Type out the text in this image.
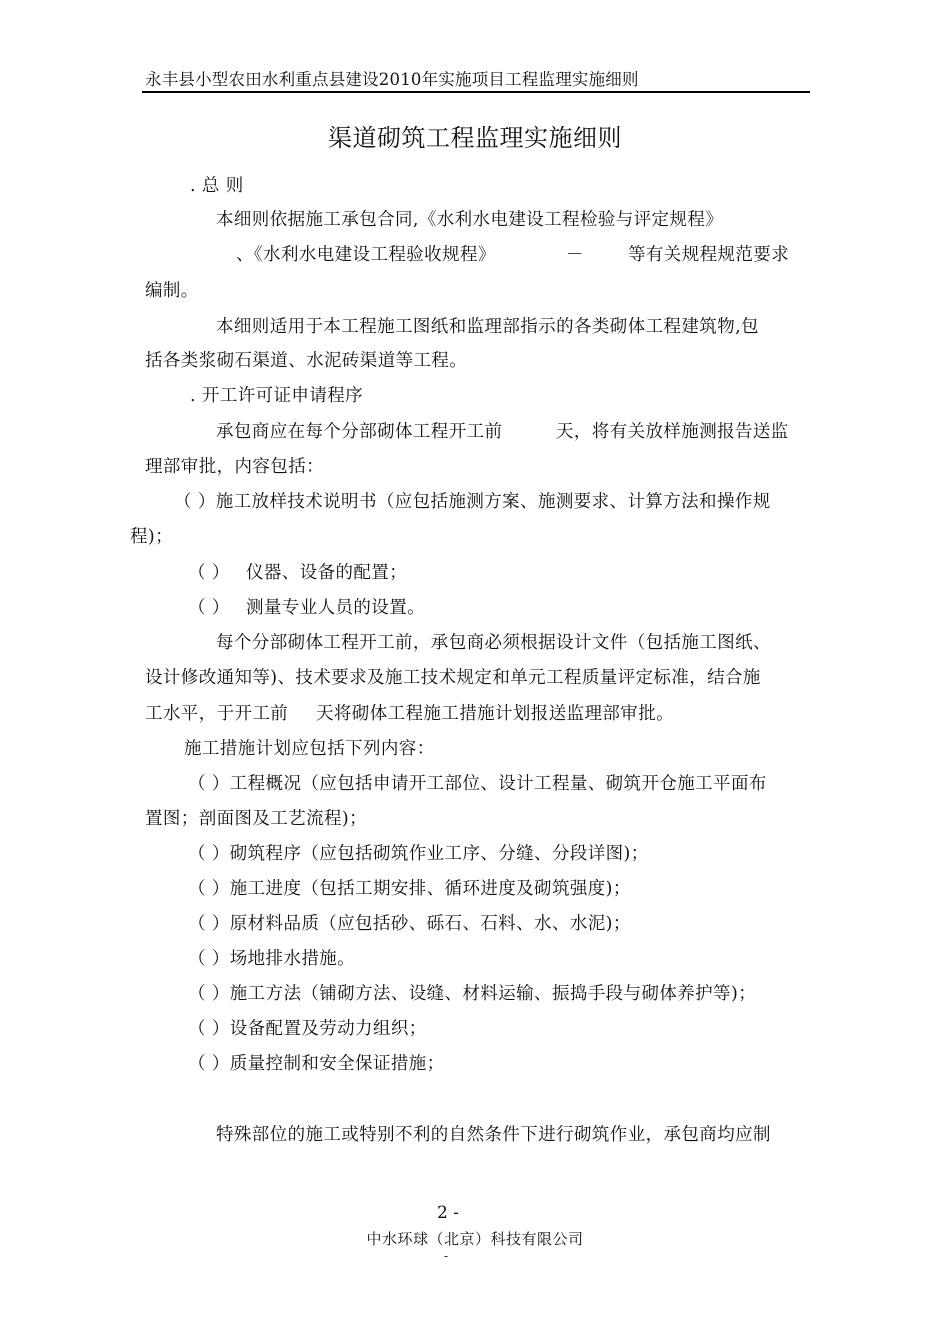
永丰县小型农田水利重点县建设2010年实施项目工程监理实施细则
渠道砌筑工程监理实施细则
. 总 则
本细则依据施工承包合同,《水利水电建设工程检验与评定规程》
、《水利水电建设工程验收规程》	－	等有关规程规范要求
编制。
本细则适用于本工程施工图纸和监理部指示的各类砌体工程建筑物,包
括各类浆砌石渠道、水泥砖渠道等工程。
. 开工许可证申请程序
承包商应在每个分部砌体工程开工前	天，将有关放样施测报告送监
理部审批，内容包括：
（ ）施工放样技术说明书（应包括施测方案、施测要求、计算方法和操作规
程)；
（ ） 仪器、设备的配置；
（ ） 测量专业人员的设置。
每个分部砌体工程开工前，承包商必须根据设计文件（包括施工图纸、
设计修改通知等)、技术要求及施工技术规定和单元工程质量评定标准，结合施
工水平，于开工前 天将砌体工程施工措施计划报送监理部审批。
施工措施计划应包括下列内容：
（ ）工程概况（应包括申请开工部位、设计工程量、砌筑开仓施工平面布
置图；剖面图及工艺流程)；
（ ）砌筑程序（应包括砌筑作业工序、分缝、分段详图)；
（ ）施工进度（包括工期安排、循环进度及砌筑强度)；
（ ）原材料品质（应包括砂、砾石、石料、水、水泥)；
（ ）场地排水措施。
（ ）施工方法（铺砌方法、设缝、材料运输、振捣手段与砌体养护等)；
（ ）设备配置及劳动力组织；
（ ）质量控制和安全保证措施；
特殊部位的施工或特别不利的自然条件下进行砌筑作业，承包商均应制
2 -
中水环球（北京）科技有限公司
-
